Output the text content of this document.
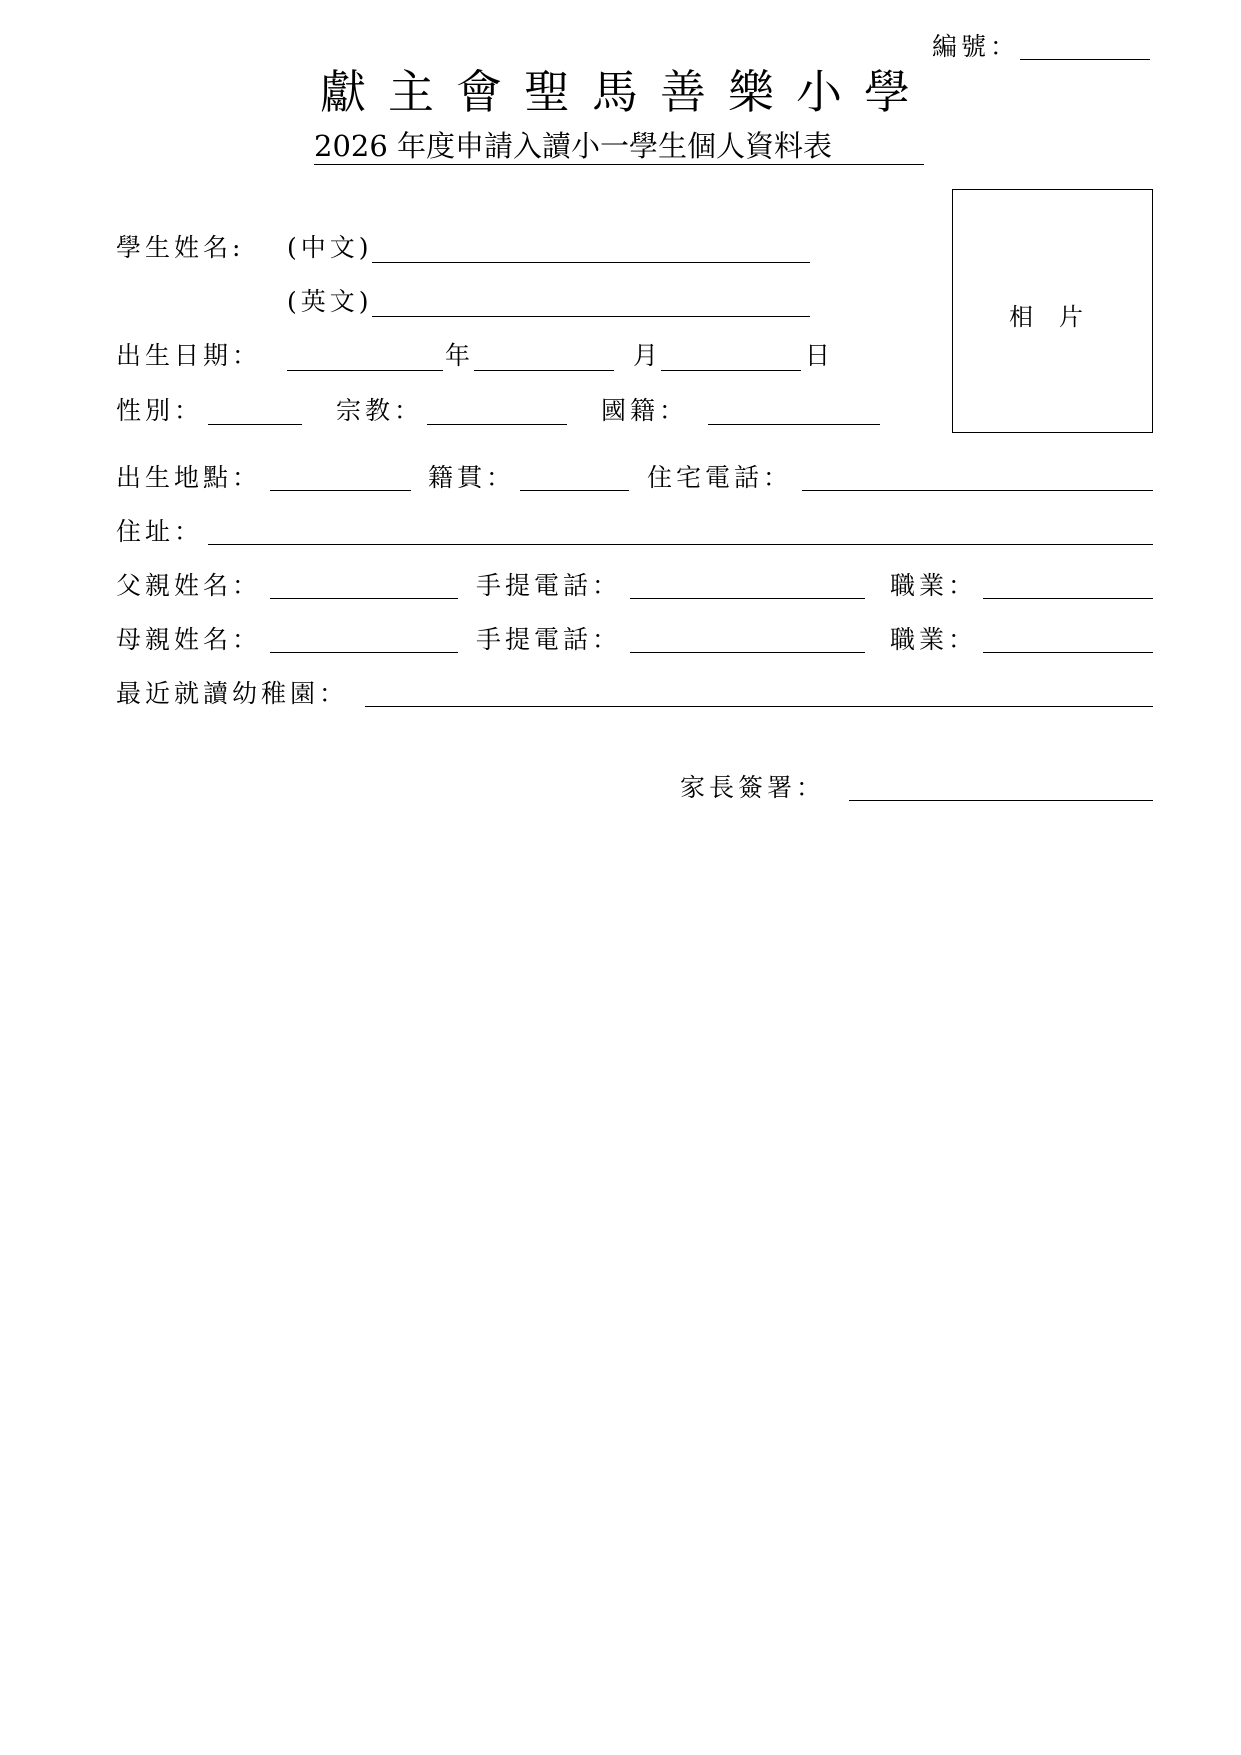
編號：
獻主會聖馬善樂小學
2026 年度申請入讀小一學生個人資料表
相片
學生姓名: (中文)
(英文)
出生日期：	年	月	日
性別：	宗教：	國籍：
出生地點：	籍貫：	住宅電話：
住址：
父親姓名：	手提電話：	職業：
母親姓名：	手提電話：	職業：
最近就讀幼稚園：
家長簽署：
